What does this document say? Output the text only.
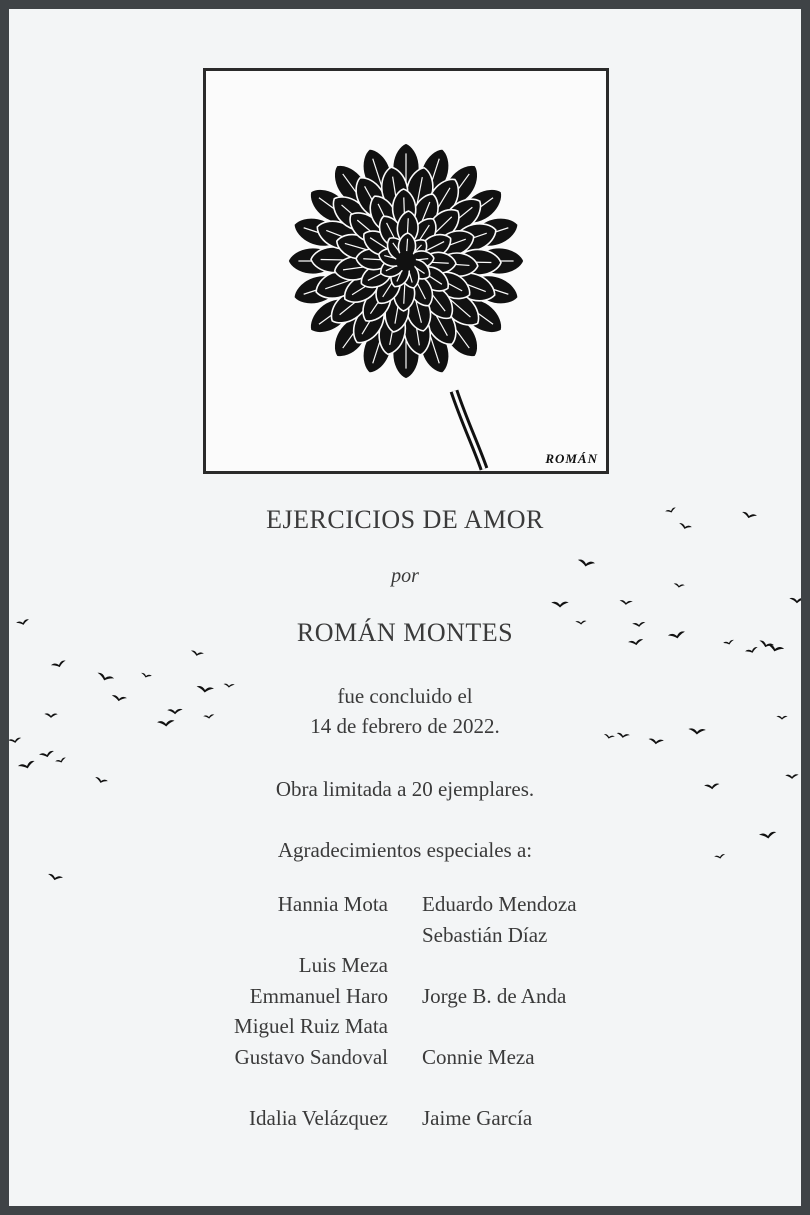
ROMÁN
EJERCICIOS DE AMOR
por
ROMÁN MONTES
fue concluido el
14 de febrero de 2022.
Obra limitada a 20 ejemplares.
Agradecimientos especiales a:
Hannia Mota
Luis Meza
Emmanuel Haro
Miguel Ruiz Mata
Gustavo Sandoval
Idalia Velázquez
Eduardo Mendoza
Sebastián Díaz
Jorge B. de Anda
Connie Meza
Jaime García
